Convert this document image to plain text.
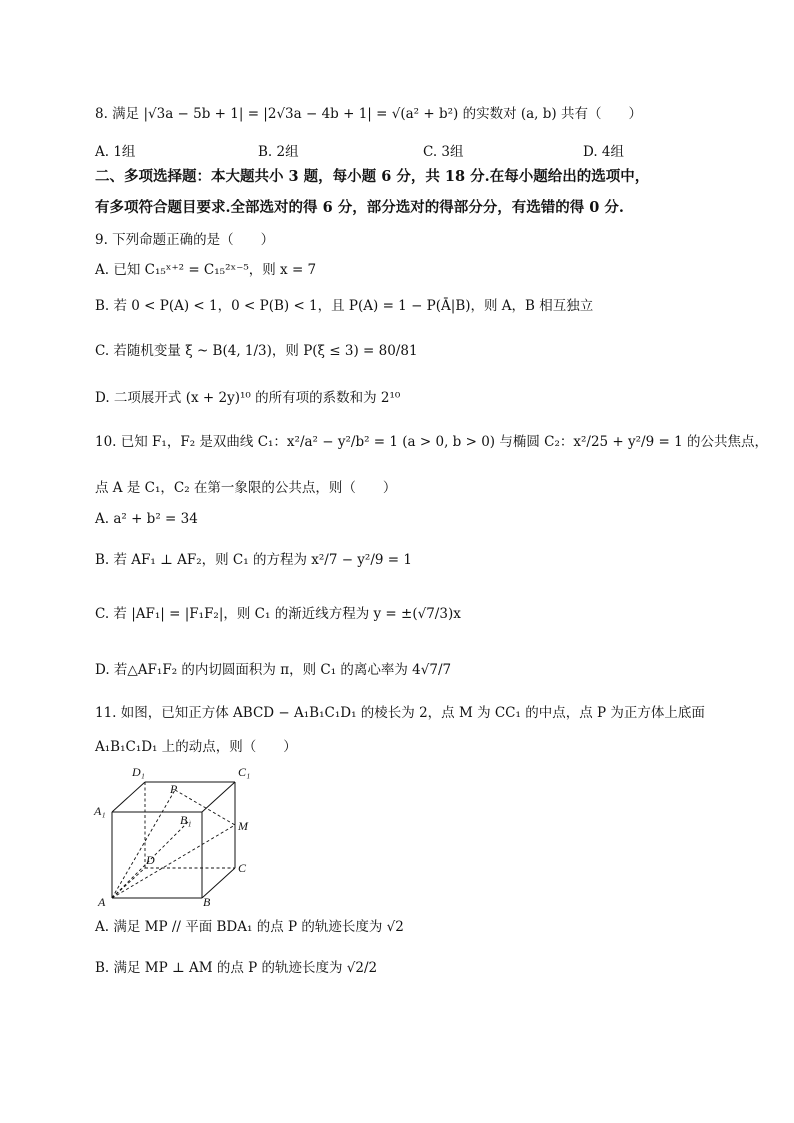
8. 满足 |√3a − 5b + 1| = |2√3a − 4b + 1| = √(a² + b²) 的实数对 (a, b) 共有（　　）
A. 1组	B. 2组	C. 3组	D. 4组
二、多项选择题：本大题共小 3 题，每小题 6 分，共 18 分.在每小题给出的选项中，
有多项符合题目要求.全部选对的得 6 分，部分选对的得部分分，有选错的得 0 分.
9. 下列命题正确的是（　　）
A. 已知 C₁₅ˣ⁺² = C₁₅²ˣ⁻⁵，则 x = 7
B. 若 0 < P(A) < 1，0 < P(B) < 1，且 P(A) = 1 − P(Ā|B)，则 A，B 相互独立
C. 若随机变量 ξ ~ B(4, 1/3)，则 P(ξ ≤ 3) = 80/81
D. 二项展开式 (x + 2y)¹⁰ 的所有项的系数和为 2¹⁰
10. 已知 F₁，F₂ 是双曲线 C₁：x²/a² − y²/b² = 1 (a > 0, b > 0) 与椭圆 C₂：x²/25 + y²/9 = 1 的公共焦点，
点 A 是 C₁，C₂ 在第一象限的公共点，则（　　）
A. a² + b² = 34
B. 若 AF₁ ⊥ AF₂，则 C₁ 的方程为 x²/7 − y²/9 = 1
C. 若 |AF₁| = |F₁F₂|，则 C₁ 的渐近线方程为 y = ±(√7/3)x
D. 若△AF₁F₂ 的内切圆面积为 π，则 C₁ 的离心率为 4√7/7
11. 如图，已知正方体 ABCD − A₁B₁C₁D₁ 的棱长为 2，点 M 为 CC₁ 的中点，点 P 为正方体上底面
A₁B₁C₁D₁ 上的动点，则（　　）
D₁	C₁
A₁
B₁
P
M
D
C
A	B
A. 满足 MP // 平面 BDA₁ 的点 P 的轨迹长度为 √2
B. 满足 MP ⊥ AM 的点 P 的轨迹长度为 √2/2
